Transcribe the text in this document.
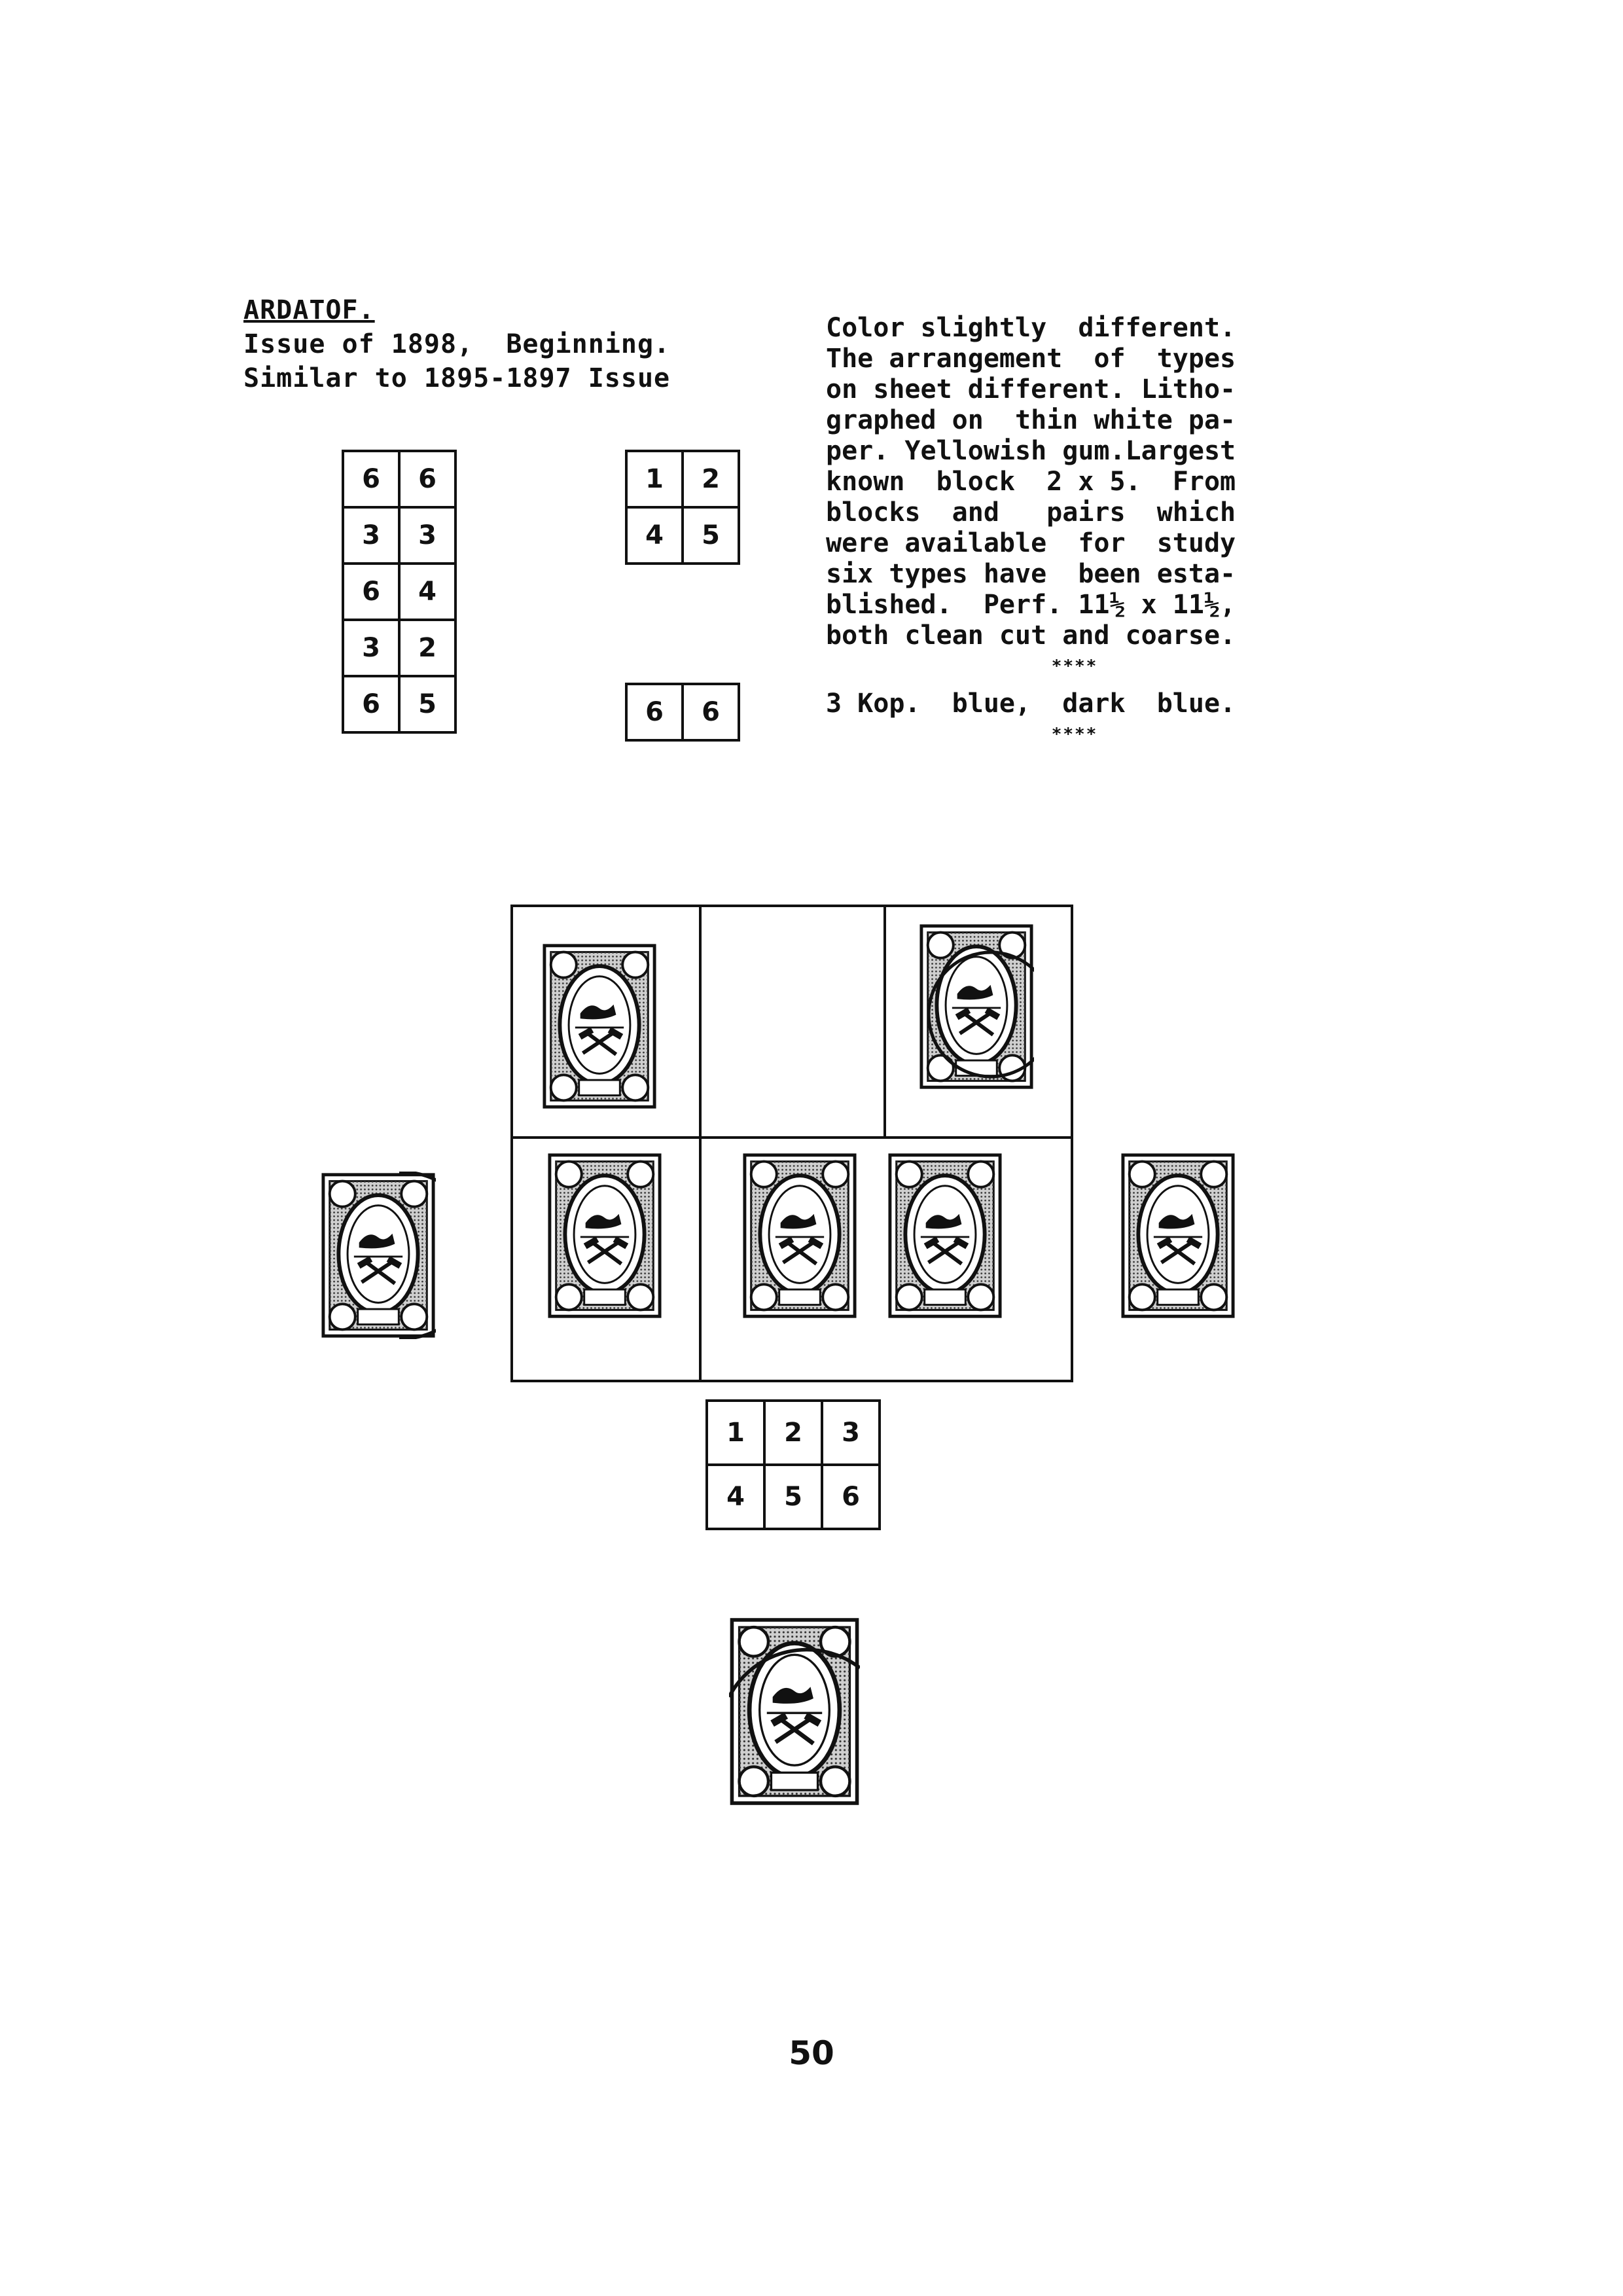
ARDATOF.
Issue of 1898,  Beginning.
Similar to 1895-1897 Issue
Color slightly  different.
The arrangement  of  types
on sheet different. Litho-
graphed on  thin white pa-
per. Yellowish gum.Largest
known  block  2 x 5.  From
blocks  and   pairs  which
were available  for  study
six types have  been esta-
blished.  Perf. 11½ x 11½,
both clean cut and coarse.
****
3 Kop.  blue,  dark  blue.
****
6	6
3	3
6	4
3	2
6	5
1	2
4	5
6	6
1	2	3
4	5	6
50
